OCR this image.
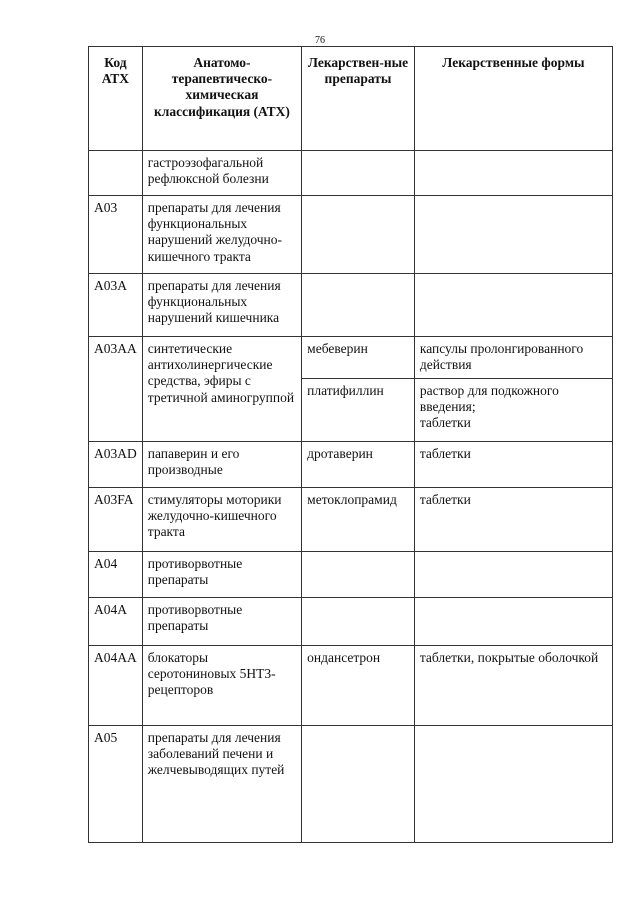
76
Код АТХ	Анатомо-терапевтическо-химическая классификация (АТХ)	Лекарствен-ные препараты	Лекарственные формы
	гастроэзофагальной рефлюксной болезни		
A03	препараты для лечения функциональных нарушений желудочно-кишечного тракта		
A03A	препараты для лечения функциональных нарушений кишечника		
A03AA	синтетические антихолинергические средства, эфиры с третичной аминогруппой	мебеверин	капсулы пролонгированного действия
		платифиллин	раствор для подкожного введения;
таблетки

A03AD	папаверин и его производные	дротаверин	таблетки
A03FA	стимуляторы моторики желудочно-кишечного тракта	метоклопрамид	таблетки
A04	противорвотные препараты		
A04A	противорвотные препараты		
A04AA	блокаторы серотониновых 5НТ3-рецепторов	ондансетрон	таблетки, покрытые оболочкой
A05	препараты для лечения заболеваний печени и желчевыводящих путей		
